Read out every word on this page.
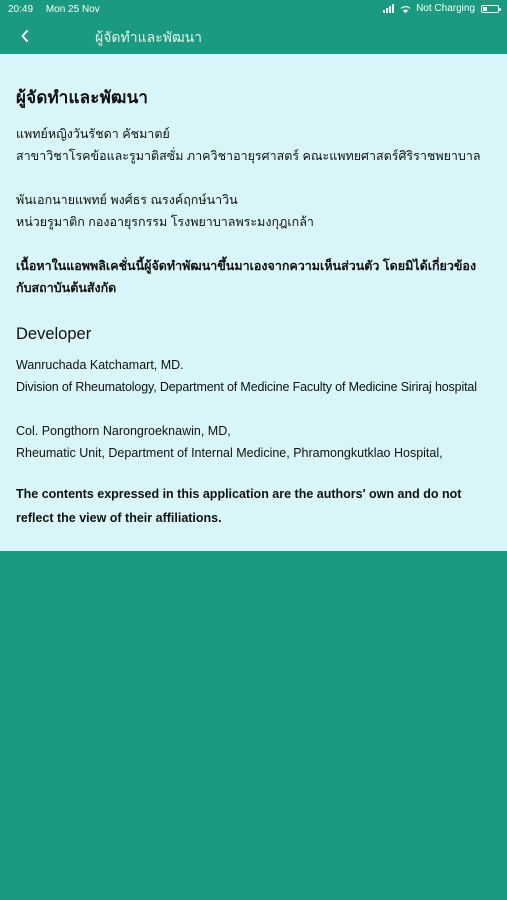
20:49 Mon 25 Nov	Not Charging
ผู้จัดทำและพัฒนา
ผู้จัดทำและพัฒนา

แพทย์หญิงวันรัชดา คัชมาตย์

สาขาวิชาโรคข้อและรูมาติสซั่ม ภาควิชาอายุรศาสตร์ คณะแพทยศาสตร์ศิริราชพยาบาล

พันเอกนายแพทย์ พงศ์ธร ณรงค์ฤกษ์นาวิน

หน่วยรูมาติก กองอายุรกรรม โรงพยาบาลพระมงกุฎเกล้า

เนื้อหาในแอพพลิเคชั่นนี้ผู้จัดทำพัฒนาขึ้นมาเองจากความเห็นส่วนตัว โดยมิได้เกี่ยวข้องกับสถาบันต้นสังกัด

Developer

Wanruchada Katchamart, MD.

Division of Rheumatology, Department of Medicine Faculty of Medicine Siriraj hospital

Col. Pongthorn Narongroeknawin, MD,

Rheumatic Unit, Department of Internal Medicine, Phramongkutklao Hospital,

The contents expressed in this application are the authors' own and do not reflect the view of their affiliations.
